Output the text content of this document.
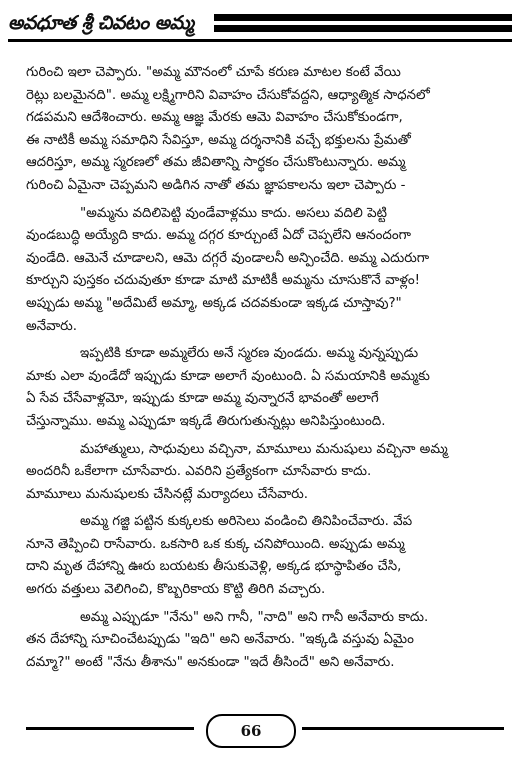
అవధూత శ్రీ చివటం అమ్మ
గురించి ఇలా చెప్పారు. "అమ్మ మౌనంలో చూపే కరుణ మాటల కంటే వేయి
రెట్లు బలమైనది". అమ్మ లక్ష్మిగారిని వివాహం చేసుకోవద్దని, ఆధ్యాత్మిక సాధనలో
గడపమని ఆదేశించారు. అమ్మ ఆజ్ఞ మేరకు ఆమె వివాహం చేసుకోకుండగా,
ఈ నాటికీ అమ్మ సమాధిని సేవిస్తూ, అమ్మ దర్శనానికి వచ్చే భక్తులను ప్రేమతో
ఆదరిస్తూ, అమ్మ స్మరణలో తమ జీవితాన్ని సార్థకం చేసుకొంటున్నారు. అమ్మ
గురించి ఏమైనా చెప్పమని అడిగిన నాతో తమ జ్ఞాపకాలను ఇలా చెప్పారు -
"అమ్మను వదిలిపెట్టి వుండేవాళ్లము కాదు. అసలు వదిలి పెట్టి
వుండబుద్ధి అయ్యేది కాదు. అమ్మ దగ్గర కూర్చుంటే ఏదో చెప్పలేని ఆనందంగా
వుండేది. ఆమెనే చూడాలని, ఆమె దగ్గరే వుండాలనీ అన్పించేది. అమ్మ ఎదురుగా
కూర్చుని పుస్తకం చదువుతూ కూడా మాటి మాటికీ అమ్మను చూసుకొనే వాళ్లం!
అప్పుడు అమ్మ "అదేమిటే అమ్మా, అక్కడ చదవకుండా ఇక్కడ చూస్తావు?"
అనేవారు.
ఇప్పటికి కూడా అమ్మలేరు అనే స్మరణ వుండదు. అమ్మ వున్నప్పుడు
మాకు ఎలా వుండేదో ఇప్పుడు కూడా అలాగే వుంటుంది. ఏ సమయానికి అమ్మకు
ఏ సేవ చేసేవాళ్లమో, ఇప్పుడు కూడా అమ్మ వున్నారనే భావంతో అలాగే
చేస్తున్నాము. అమ్మ ఎప్పుడూ ఇక్కడే తిరుగుతున్నట్లు అనిపిస్తుంటుంది.
మహాత్ములు, సాధువులు వచ్చినా, మామూలు మనుషులు వచ్చినా అమ్మ
అందరినీ ఒకేలాగా చూసేవారు. ఎవరిని ప్రత్యేకంగా చూసేవారు కాదు.
మామూలు మనుషులకు చేసినట్లే మర్యాదలు చేసేవారు.
అమ్మ గజ్జి పట్టిన కుక్కలకు అరిసెలు వండించి తినిపించేవారు. వేప
నూనె తెప్పించి రాసేవారు. ఒకసారి ఒక కుక్క చనిపోయింది. అప్పుడు అమ్మ
దాని మృత దేహాన్ని ఊరు బయటకు తీసుకువెళ్లి, అక్కడ భూస్థాపితం చేసి,
అగరు వత్తులు వెలిగించి, కొబ్బరికాయ కొట్టి తిరిగి వచ్చారు.
అమ్మ ఎప్పుడూ "నేను" అని గానీ, "నాది" అని గానీ అనేవారు కాదు.
తన దేహాన్ని సూచించేటప్పుడు "ఇది" అని అనేవారు. "ఇక్కడి వస్తువు ఏమైం
దమ్మా?" అంటే "నేను తీశాను" అనకుండా "ఇదే తీసిందే" అని అనేవారు.
66
